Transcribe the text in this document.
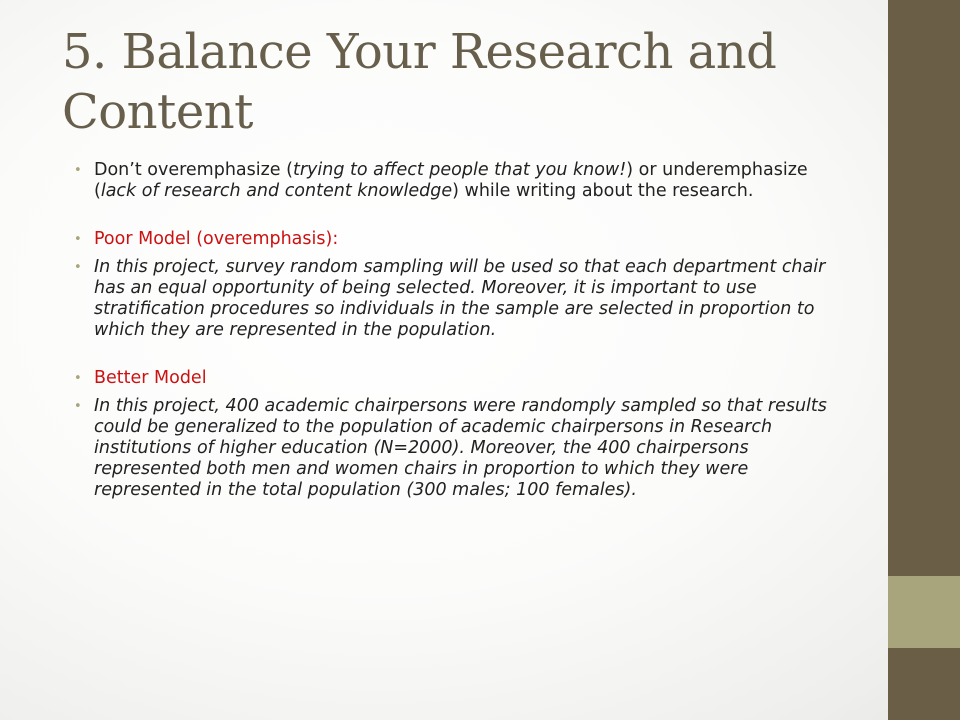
5. Balance Your Research and Content
• Don’t overemphasize (trying to affect people that you know!) or underemphasize (lack of research and content knowledge) while writing about the research.
• Poor Model (overemphasis):
• In this project, survey random sampling will be used so that each department chair has an equal opportunity of being selected. Moreover, it is important to use stratification procedures so individuals in the sample are selected in proportion to which they are represented in the population.
• Better Model
• In this project, 400 academic chairpersons were randomply sampled so that results could be generalized to the population of academic chairpersons in Research institutions of higher education (N=2000). Moreover, the 400 chairpersons represented both men and women chairs in proportion to which they were represented in the total population (300 males; 100 females).
